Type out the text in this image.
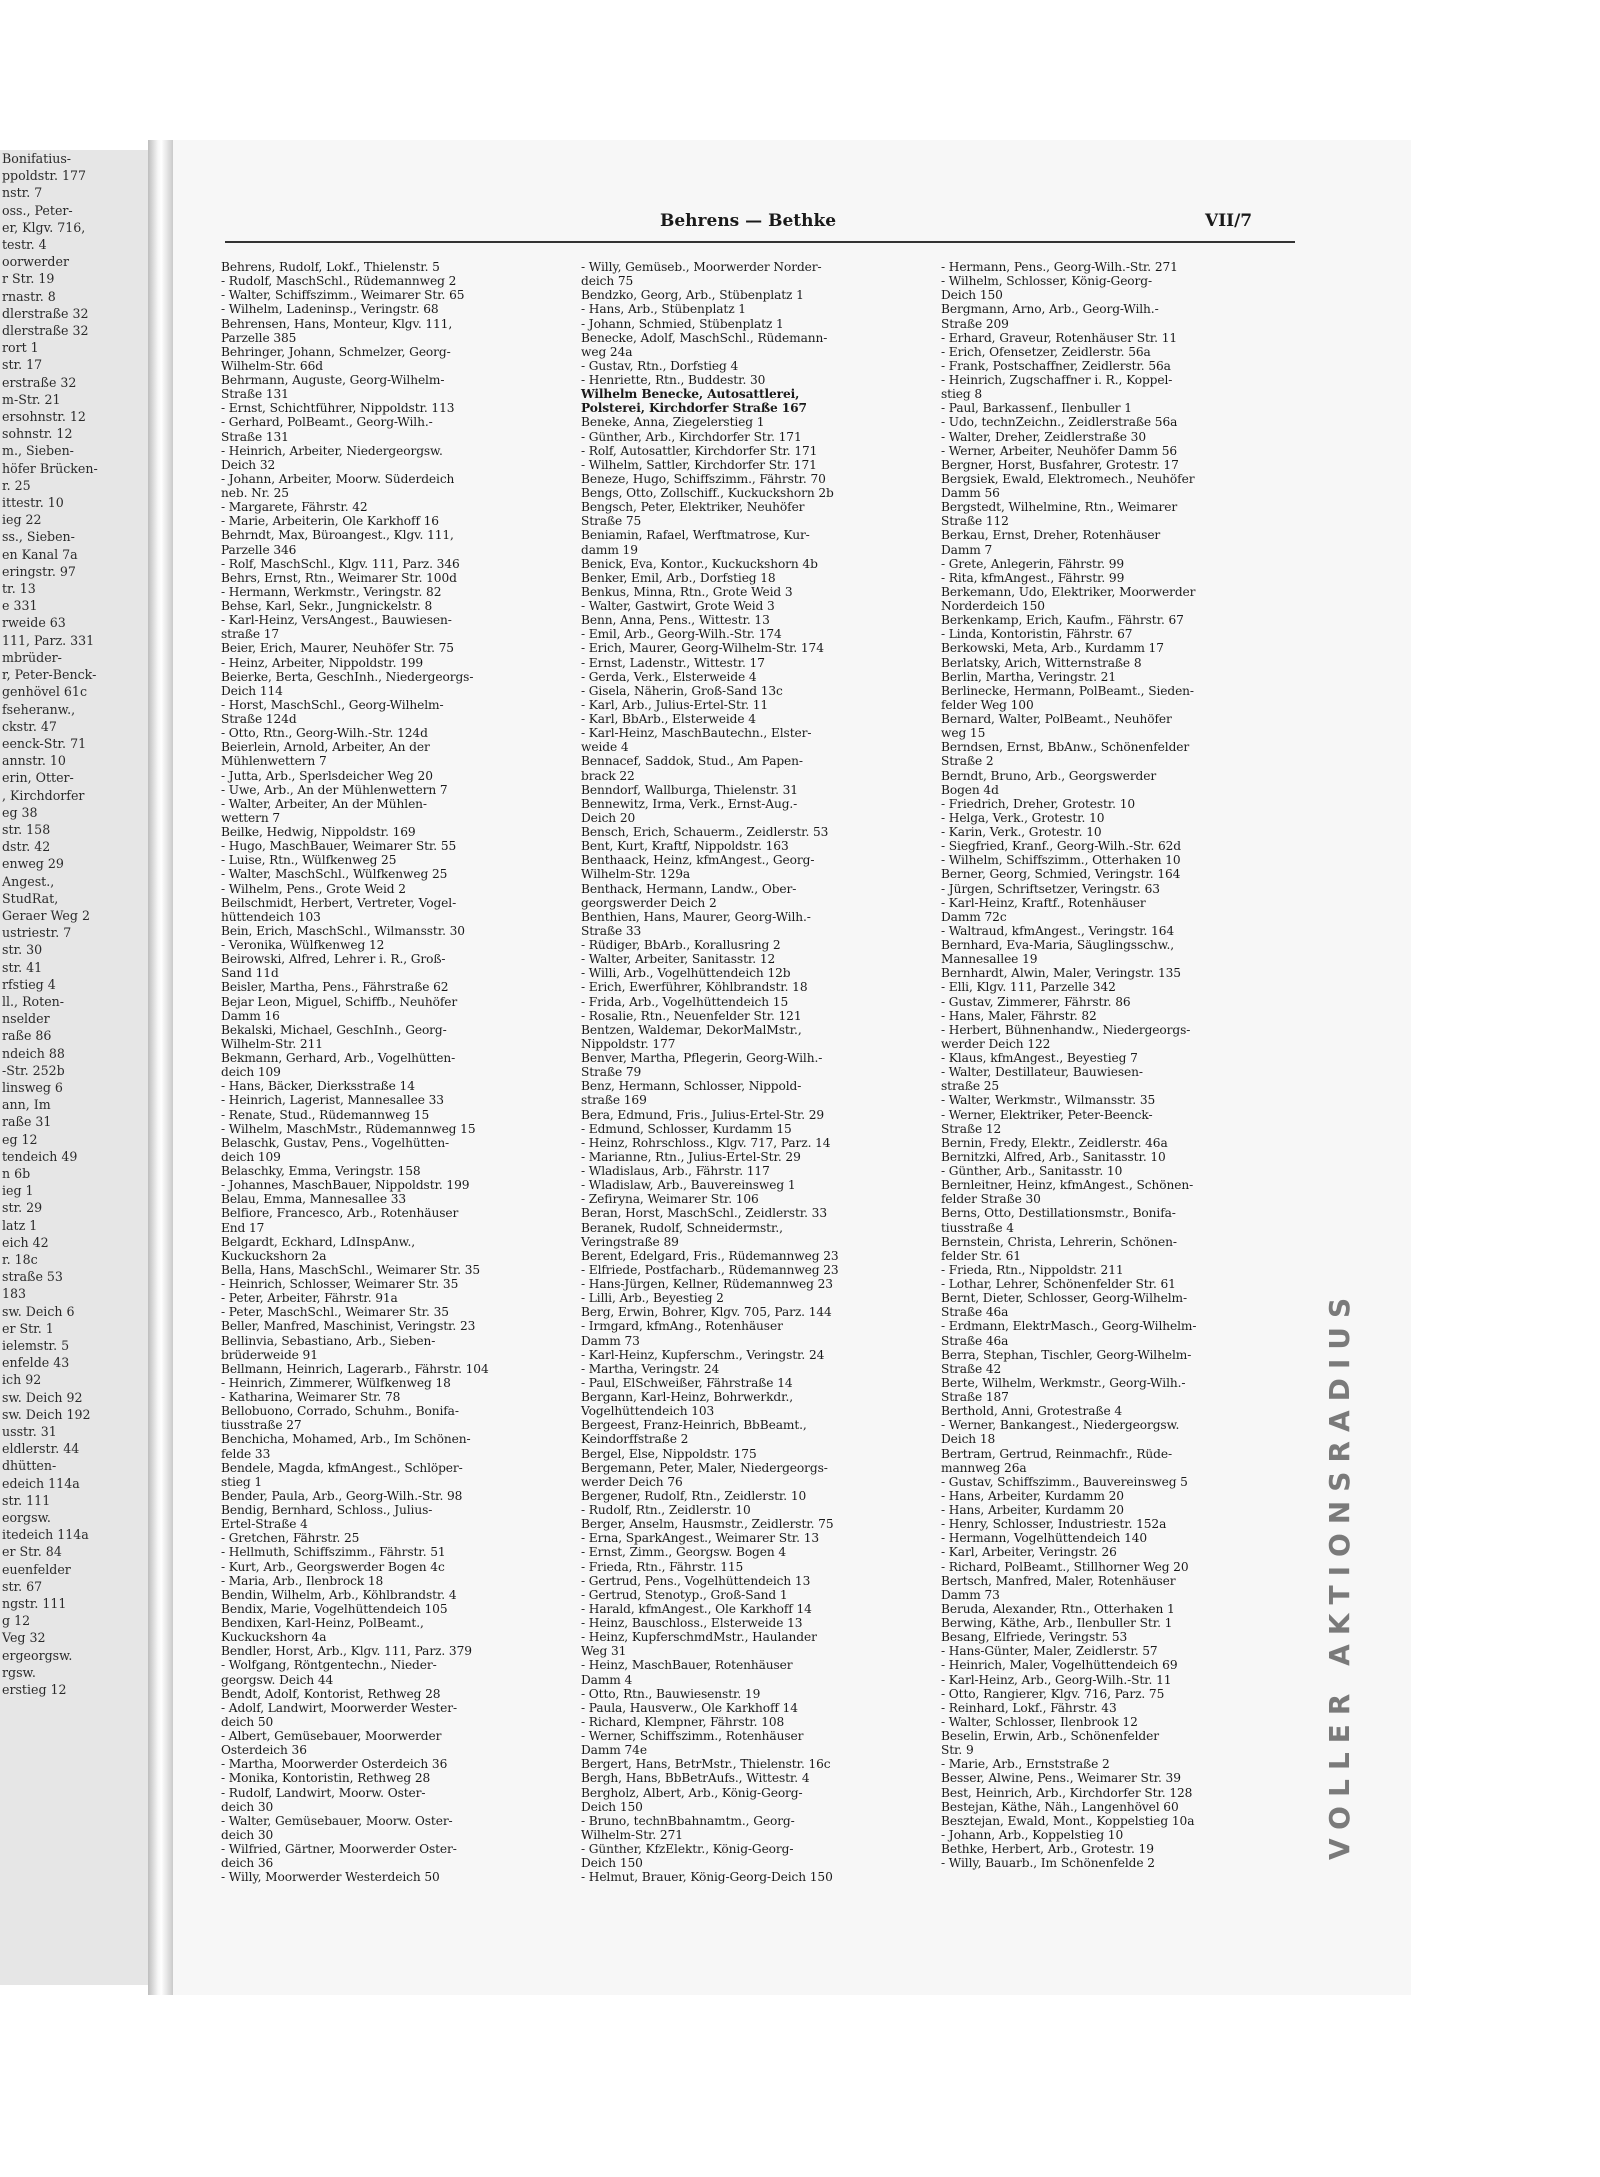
Bonifatius-
ppoldstr. 177
nstr. 7
oss., Peter-
er, Klgv. 716,
testr. 4
oorwerder
r Str. 19
rnastr. 8
dlerstraße 32
dlerstraße 32
rort 1
str. 17
erstraße 32
m-Str. 21
ersohnstr. 12
sohnstr. 12
m., Sieben-
höfer Brücken-
r. 25
ittestr. 10
ieg 22
ss., Sieben-
en Kanal 7a
eringstr. 97
tr. 13
e 331
rweide 63
111, Parz. 331
mbrüder-
r, Peter-Benck-
genhövel 61c
fseheranw.,
ckstr. 47
eenck-Str. 71
annstr. 10
erin, Otter-
, Kirchdorfer
eg 38
str. 158
dstr. 42
enweg 29
Angest.,
StudRat,
Geraer Weg 2
ustriestr. 7
str. 30
str. 41
rfstieg 4
ll., Roten-
nselder
raße 86
ndeich 88
-Str. 252b
linsweg 6
ann, Im
raße 31
eg 12
tendeich 49
n 6b
ieg 1
str. 29
latz 1
eich 42
r. 18c
straße 53
183
sw. Deich 6
er Str. 1
ielemstr. 5
enfelde 43
ich 92
sw. Deich 92
sw. Deich 192
usstr. 31
eldlerstr. 44
dhütten-
edeich 114a
str. 111
eorgsw.
itedeich 114a
er Str. 84
euenfelder
str. 67
ngstr. 111
g 12
Veg 32
ergeorgsw.
rgsw.
erstieg 12
Behrens — Bethke	VII/7
Behrens, Rudolf, Lokf., Thielenstr. 5
- Rudolf, MaschSchl., Rüdemannweg 2
- Walter, Schiffszimm., Weimarer Str. 65
- Wilhelm, Ladeninsp., Veringstr. 68
Behrensen, Hans, Monteur, Klgv. 111,
Parzelle 385
Behringer, Johann, Schmelzer, Georg-
Wilhelm-Str. 66d
Behrmann, Auguste, Georg-Wilhelm-
Straße 131
- Ernst, Schichtführer, Nippoldstr. 113
- Gerhard, PolBeamt., Georg-Wilh.-
Straße 131
- Heinrich, Arbeiter, Niedergeorgsw.
Deich 32
- Johann, Arbeiter, Moorw. Süderdeich
neb. Nr. 25
- Margarete, Fährstr. 42
- Marie, Arbeiterin, Ole Karkhoff 16
Behrndt, Max, Büroangest., Klgv. 111,
Parzelle 346
- Rolf, MaschSchl., Klgv. 111, Parz. 346
Behrs, Ernst, Rtn., Weimarer Str. 100d
- Hermann, Werkmstr., Veringstr. 82
Behse, Karl, Sekr., Jungnickelstr. 8
- Karl-Heinz, VersAngest., Bauwiesen-
straße 17
Beier, Erich, Maurer, Neuhöfer Str. 75
- Heinz, Arbeiter, Nippoldstr. 199
Beierke, Berta, GeschInh., Niedergeorgs-
Deich 114
- Horst, MaschSchl., Georg-Wilhelm-
Straße 124d
- Otto, Rtn., Georg-Wilh.-Str. 124d
Beierlein, Arnold, Arbeiter, An der
Mühlenwettern 7
- Jutta, Arb., Sperlsdeicher Weg 20
- Uwe, Arb., An der Mühlenwettern 7
- Walter, Arbeiter, An der Mühlen-
wettern 7
Beilke, Hedwig, Nippoldstr. 169
- Hugo, MaschBauer, Weimarer Str. 55
- Luise, Rtn., Wülfkenweg 25
- Walter, MaschSchl., Wülfkenweg 25
- Wilhelm, Pens., Grote Weid 2
Beilschmidt, Herbert, Vertreter, Vogel-
hüttendeich 103
Bein, Erich, MaschSchl., Wilmansstr. 30
- Veronika, Wülfkenweg 12
Beirowski, Alfred, Lehrer i. R., Groß-
Sand 11d
Beisler, Martha, Pens., Fährstraße 62
Bejar Leon, Miguel, Schiffb., Neuhöfer
Damm 16
Bekalski, Michael, GeschInh., Georg-
Wilhelm-Str. 211
Bekmann, Gerhard, Arb., Vogelhütten-
deich 109
- Hans, Bäcker, Dierksstraße 14
- Heinrich, Lagerist, Mannesallee 33
- Renate, Stud., Rüdemannweg 15
- Wilhelm, MaschMstr., Rüdemannweg 15
Belaschk, Gustav, Pens., Vogelhütten-
deich 109
Belaschky, Emma, Veringstr. 158
- Johannes, MaschBauer, Nippoldstr. 199
Belau, Emma, Mannesallee 33
Belfiore, Francesco, Arb., Rotenhäuser
End 17
Belgardt, Eckhard, LdInspAnw.,
Kuckuckshorn 2a
Bella, Hans, MaschSchl., Weimarer Str. 35
- Heinrich, Schlosser, Weimarer Str. 35
- Peter, Arbeiter, Fährstr. 91a
- Peter, MaschSchl., Weimarer Str. 35
Beller, Manfred, Maschinist, Veringstr. 23
Bellinvia, Sebastiano, Arb., Sieben-
brüderweide 91
Bellmann, Heinrich, Lagerarb., Fährstr. 104
- Heinrich, Zimmerer, Wülfkenweg 18
- Katharina, Weimarer Str. 78
Bellobuono, Corrado, Schuhm., Bonifa-
tiusstraße 27
Benchicha, Mohamed, Arb., Im Schönen-
felde 33
Bendele, Magda, kfmAngest., Schlöper-
stieg 1
Bender, Paula, Arb., Georg-Wilh.-Str. 98
Bendig, Bernhard, Schloss., Julius-
Ertel-Straße 4
- Gretchen, Fährstr. 25
- Hellmuth, Schiffszimm., Fährstr. 51
- Kurt, Arb., Georgswerder Bogen 4c
- Maria, Arb., Ilenbrock 18
Bendin, Wilhelm, Arb., Köhlbrandstr. 4
Bendix, Marie, Vogelhüttendeich 105
Bendixen, Karl-Heinz, PolBeamt.,
Kuckuckshorn 4a
Bendler, Horst, Arb., Klgv. 111, Parz. 379
- Wolfgang, Röntgentechn., Nieder-
georgsw. Deich 44
Bendt, Adolf, Kontorist, Rethweg 28
- Adolf, Landwirt, Moorwerder Wester-
deich 50
- Albert, Gemüsebauer, Moorwerder
Osterdeich 36
- Martha, Moorwerder Osterdeich 36
- Monika, Kontoristin, Rethweg 28
- Rudolf, Landwirt, Moorw. Oster-
deich 30
- Walter, Gemüsebauer, Moorw. Oster-
deich 30
- Wilfried, Gärtner, Moorwerder Oster-
deich 36
- Willy, Moorwerder Westerdeich 50
- Willy, Gemüseb., Moorwerder Norder-
deich 75
Bendzko, Georg, Arb., Stübenplatz 1
- Hans, Arb., Stübenplatz 1
- Johann, Schmied, Stübenplatz 1
Benecke, Adolf, MaschSchl., Rüdemann-
weg 24a
- Gustav, Rtn., Dorfstieg 4
- Henriette, Rtn., Buddestr. 30
Wilhelm Benecke, Autosattlerei,
Polsterei, Kirchdorfer Straße 167
Beneke, Anna, Ziegelerstieg 1
- Günther, Arb., Kirchdorfer Str. 171
- Rolf, Autosattler, Kirchdorfer Str. 171
- Wilhelm, Sattler, Kirchdorfer Str. 171
Beneze, Hugo, Schiffszimm., Fährstr. 70
Bengs, Otto, Zollschiff., Kuckuckshorn 2b
Bengsch, Peter, Elektriker, Neuhöfer
Straße 75
Beniamin, Rafael, Werftmatrose, Kur-
damm 19
Benick, Eva, Kontor., Kuckuckshorn 4b
Benker, Emil, Arb., Dorfstieg 18
Benkus, Minna, Rtn., Grote Weid 3
- Walter, Gastwirt, Grote Weid 3
Benn, Anna, Pens., Wittestr. 13
- Emil, Arb., Georg-Wilh.-Str. 174
- Erich, Maurer, Georg-Wilhelm-Str. 174
- Ernst, Ladenstr., Wittestr. 17
- Gerda, Verk., Elsterweide 4
- Gisela, Näherin, Groß-Sand 13c
- Karl, Arb., Julius-Ertel-Str. 11
- Karl, BbArb., Elsterweide 4
- Karl-Heinz, MaschBautechn., Elster-
weide 4
Bennacef, Saddok, Stud., Am Papen-
brack 22
Benndorf, Wallburga, Thielenstr. 31
Bennewitz, Irma, Verk., Ernst-Aug.-
Deich 20
Bensch, Erich, Schauerm., Zeidlerstr. 53
Bent, Kurt, Kraftf, Nippoldstr. 163
Benthaack, Heinz, kfmAngest., Georg-
Wilhelm-Str. 129a
Benthack, Hermann, Landw., Ober-
georgswerder Deich 2
Benthien, Hans, Maurer, Georg-Wilh.-
Straße 33
- Rüdiger, BbArb., Korallusring 2
- Walter, Arbeiter, Sanitasstr. 12
- Willi, Arb., Vogelhüttendeich 12b
- Erich, Ewerführer, Köhlbrandstr. 18
- Frida, Arb., Vogelhüttendeich 15
- Rosalie, Rtn., Neuenfelder Str. 121
Bentzen, Waldemar, DekorMalMstr.,
Nippoldstr. 177
Benver, Martha, Pflegerin, Georg-Wilh.-
Straße 79
Benz, Hermann, Schlosser, Nippold-
straße 169
Bera, Edmund, Fris., Julius-Ertel-Str. 29
- Edmund, Schlosser, Kurdamm 15
- Heinz, Rohrschloss., Klgv. 717, Parz. 14
- Marianne, Rtn., Julius-Ertel-Str. 29
- Wladislaus, Arb., Fährstr. 117
- Wladislaw, Arb., Bauvereinsweg 1
- Zefiryna, Weimarer Str. 106
Beran, Horst, MaschSchl., Zeidlerstr. 33
Beranek, Rudolf, Schneidermstr.,
Veringstraße 89
Berent, Edelgard, Fris., Rüdemannweg 23
- Elfriede, Postfacharb., Rüdemannweg 23
- Hans-Jürgen, Kellner, Rüdemannweg 23
- Lilli, Arb., Beyestieg 2
Berg, Erwin, Bohrer, Klgv. 705, Parz. 144
- Irmgard, kfmAng., Rotenhäuser
Damm 73
- Karl-Heinz, Kupferschm., Veringstr. 24
- Martha, Veringstr. 24
- Paul, ElSchweißer, Fährstraße 14
Bergann, Karl-Heinz, Bohrwerkdr.,
Vogelhüttendeich 103
Bergeest, Franz-Heinrich, BbBeamt.,
Keindorffstraße 2
Bergel, Else, Nippoldstr. 175
Bergemann, Peter, Maler, Niedergeorgs-
werder Deich 76
Bergener, Rudolf, Rtn., Zeidlerstr. 10
- Rudolf, Rtn., Zeidlerstr. 10
Berger, Anselm, Hausmstr., Zeidlerstr. 75
- Erna, SparkAngest., Weimarer Str. 13
- Ernst, Zimm., Georgsw. Bogen 4
- Frieda, Rtn., Fährstr. 115
- Gertrud, Pens., Vogelhüttendeich 13
- Gertrud, Stenotyp., Groß-Sand 1
- Harald, kfmAngest., Ole Karkhoff 14
- Heinz, Bauschloss., Elsterweide 13
- Heinz, KupferschmdMstr., Haulander
Weg 31
- Heinz, MaschBauer, Rotenhäuser
Damm 4
- Otto, Rtn., Bauwiesenstr. 19
- Paula, Hausverw., Ole Karkhoff 14
- Richard, Klempner, Fährstr. 108
- Werner, Schiffszimm., Rotenhäuser
Damm 74e
Bergert, Hans, BetrMstr., Thielenstr. 16c
Bergh, Hans, BbBetrAufs., Wittestr. 4
Bergholz, Albert, Arb., König-Georg-
Deich 150
- Bruno, technBbahnamtm., Georg-
Wilhelm-Str. 271
- Günther, KfzElektr., König-Georg-
Deich 150
- Helmut, Brauer, König-Georg-Deich 150
- Hermann, Pens., Georg-Wilh.-Str. 271
- Wilhelm, Schlosser, König-Georg-
Deich 150
Bergmann, Arno, Arb., Georg-Wilh.-
Straße 209
- Erhard, Graveur, Rotenhäuser Str. 11
- Erich, Ofensetzer, Zeidlerstr. 56a
- Frank, Postschaffner, Zeidlerstr. 56a
- Heinrich, Zugschaffner i. R., Koppel-
stieg 8
- Paul, Barkassenf., Ilenbuller 1
- Udo, technZeichn., Zeidlerstraße 56a
- Walter, Dreher, Zeidlerstraße 30
- Werner, Arbeiter, Neuhöfer Damm 56
Bergner, Horst, Busfahrer, Grotestr. 17
Bergsiek, Ewald, Elektromech., Neuhöfer
Damm 56
Bergstedt, Wilhelmine, Rtn., Weimarer
Straße 112
Berkau, Ernst, Dreher, Rotenhäuser
Damm 7
- Grete, Anlegerin, Fährstr. 99
- Rita, kfmAngest., Fährstr. 99
Berkemann, Udo, Elektriker, Moorwerder
Norderdeich 150
Berkenkamp, Erich, Kaufm., Fährstr. 67
- Linda, Kontoristin, Fährstr. 67
Berkowski, Meta, Arb., Kurdamm 17
Berlatsky, Arich, Witternstraße 8
Berlin, Martha, Veringstr. 21
Berlinecke, Hermann, PolBeamt., Sieden-
felder Weg 100
Bernard, Walter, PolBeamt., Neuhöfer
weg 15
Berndsen, Ernst, BbAnw., Schönenfelder
Straße 2
Berndt, Bruno, Arb., Georgswerder
Bogen 4d
- Friedrich, Dreher, Grotestr. 10
- Helga, Verk., Grotestr. 10
- Karin, Verk., Grotestr. 10
- Siegfried, Kranf., Georg-Wilh.-Str. 62d
- Wilhelm, Schiffszimm., Otterhaken 10
Berner, Georg, Schmied, Veringstr. 164
- Jürgen, Schriftsetzer, Veringstr. 63
- Karl-Heinz, Kraftf., Rotenhäuser
Damm 72c
- Waltraud, kfmAngest., Veringstr. 164
Bernhard, Eva-Maria, Säuglingsschw.,
Mannesallee 19
Bernhardt, Alwin, Maler, Veringstr. 135
- Elli, Klgv. 111, Parzelle 342
- Gustav, Zimmerer, Fährstr. 86
- Hans, Maler, Fährstr. 82
- Herbert, Bühnenhandw., Niedergeorgs-
werder Deich 122
- Klaus, kfmAngest., Beyestieg 7
- Walter, Destillateur, Bauwiesen-
straße 25
- Walter, Werkmstr., Wilmansstr. 35
- Werner, Elektriker, Peter-Beenck-
Straße 12
Bernin, Fredy, Elektr., Zeidlerstr. 46a
Bernitzki, Alfred, Arb., Sanitasstr. 10
- Günther, Arb., Sanitasstr. 10
Bernleitner, Heinz, kfmAngest., Schönen-
felder Straße 30
Berns, Otto, Destillationsmstr., Bonifa-
tiusstraße 4
Bernstein, Christa, Lehrerin, Schönen-
felder Str. 61
- Frieda, Rtn., Nippoldstr. 211
- Lothar, Lehrer, Schönenfelder Str. 61
Bernt, Dieter, Schlosser, Georg-Wilhelm-
Straße 46a
- Erdmann, ElektrMasch., Georg-Wilhelm-
Straße 46a
Berra, Stephan, Tischler, Georg-Wilhelm-
Straße 42
Berte, Wilhelm, Werkmstr., Georg-Wilh.-
Straße 187
Berthold, Anni, Grotestraße 4
- Werner, Bankangest., Niedergeorgsw.
Deich 18
Bertram, Gertrud, Reinmachfr., Rüde-
mannweg 26a
- Gustav, Schiffszimm., Bauvereinsweg 5
- Hans, Arbeiter, Kurdamm 20
- Hans, Arbeiter, Kurdamm 20
- Henry, Schlosser, Industriestr. 152a
- Hermann, Vogelhüttendeich 140
- Karl, Arbeiter, Veringstr. 26
- Richard, PolBeamt., Stillhorner Weg 20
Bertsch, Manfred, Maler, Rotenhäuser
Damm 73
Beruda, Alexander, Rtn., Otterhaken 1
Berwing, Käthe, Arb., Ilenbuller Str. 1
Besang, Elfriede, Veringstr. 53
- Hans-Günter, Maler, Zeidlerstr. 57
- Heinrich, Maler, Vogelhüttendeich 69
- Karl-Heinz, Arb., Georg-Wilh.-Str. 11
- Otto, Rangierer, Klgv. 716, Parz. 75
- Reinhard, Lokf., Fährstr. 43
- Walter, Schlosser, Ilenbrook 12
Beselin, Erwin, Arb., Schönenfelder
Str. 9
- Marie, Arb., Ernststraße 2
Besser, Alwine, Pens., Weimarer Str. 39
Best, Heinrich, Arb., Kirchdorfer Str. 128
Bestejan, Käthe, Näh., Langenhövel 60
Besztejan, Ewald, Mont., Koppelstieg 10a
- Johann, Arb., Koppelstieg 10
Bethke, Herbert, Arb., Grotestr. 19
- Willy, Bauarb., Im Schönenfelde 2
VOLLER AKTIONSRADIUS
